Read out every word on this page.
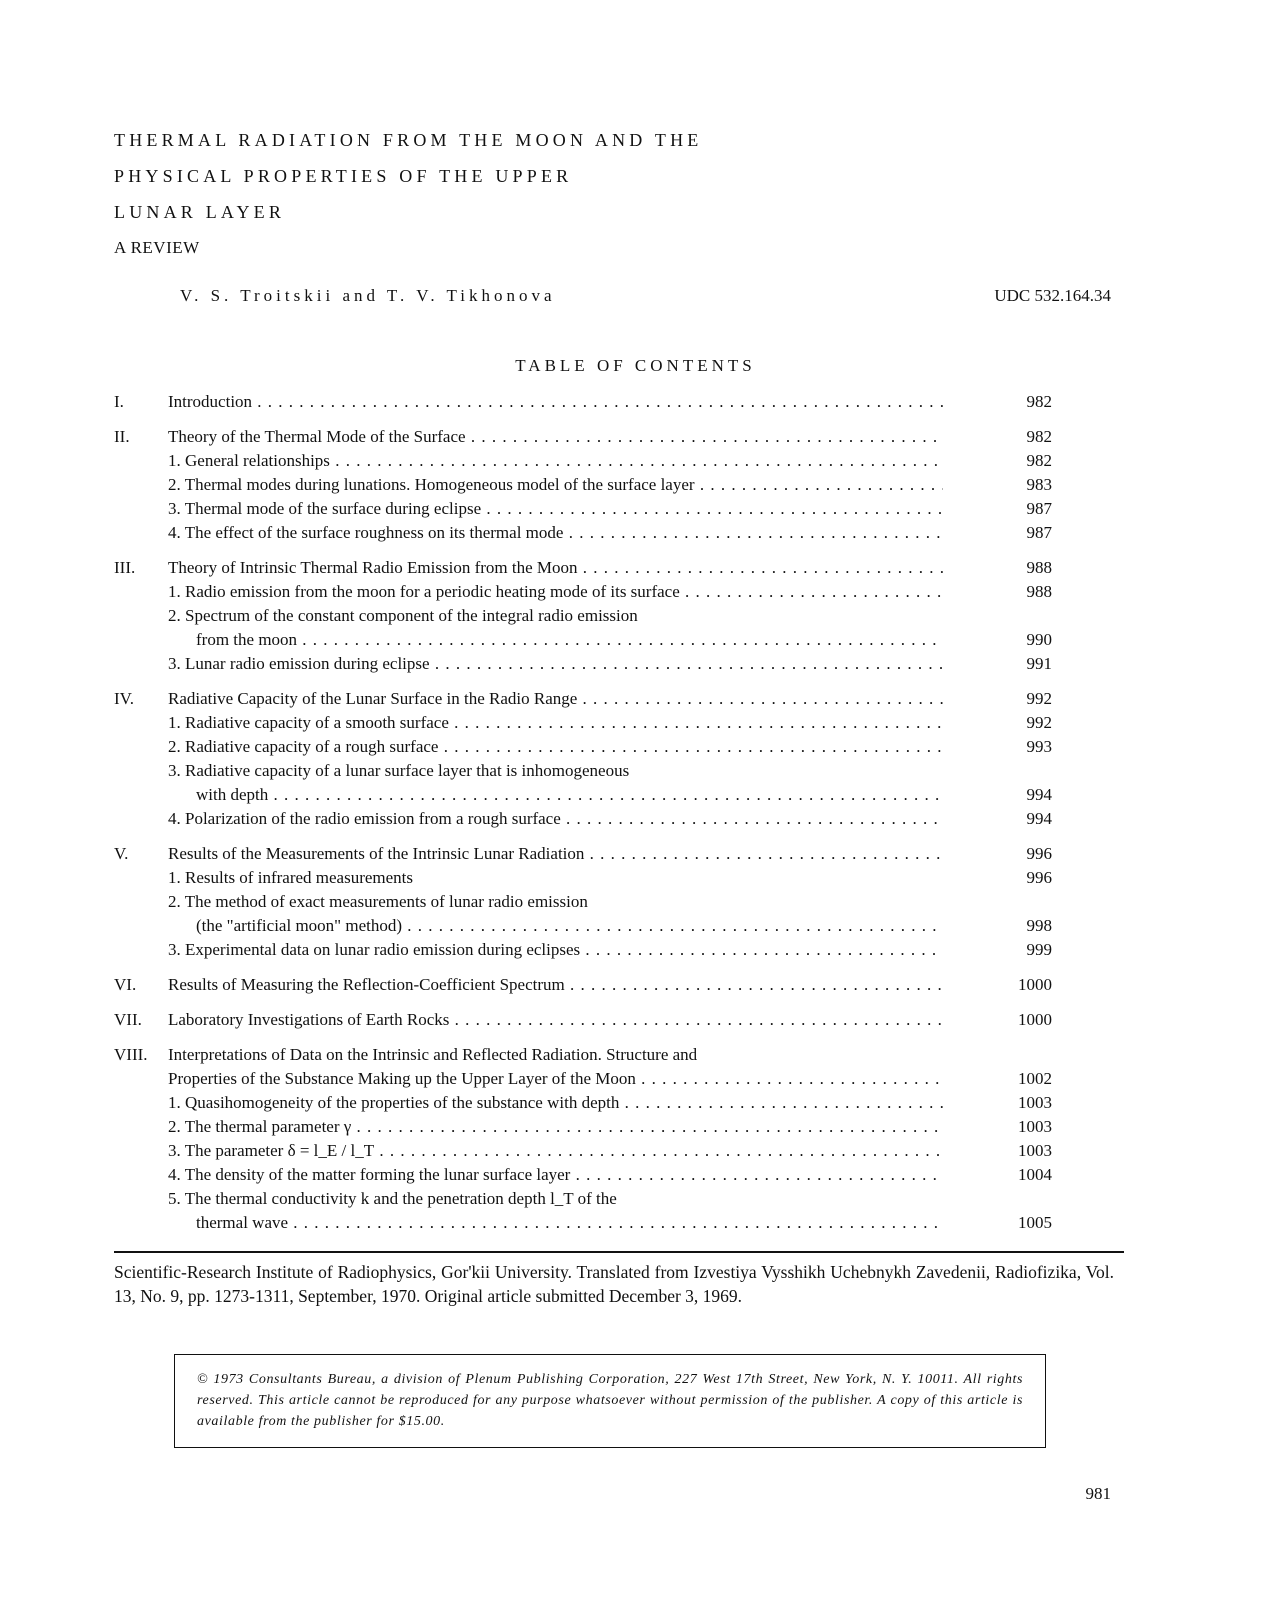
THERMAL RADIATION FROM THE MOON AND THE
PHYSICAL PROPERTIES OF THE UPPER
LUNAR LAYER
A REVIEW
V. S. Troitskii and T. V. Tikhonova	UDC 532.164.34
TABLE OF CONTENTS
I.	Introduction . . .	982
II. Theory of the Thermal Mode of the Surface . . .	982
1. General relationships . . .	982
2. Thermal modes during lunations. Homogeneous model of the surface layer . . .	983
3. Thermal mode of the surface during eclipse . . .	987
4. The effect of the surface roughness on its thermal mode . . .	987
III. Theory of Intrinsic Thermal Radio Emission from the Moon . . .	988
1. Radio emission from the moon for a periodic heating mode of its surface . . .	988
2. Spectrum of the constant component of the integral radio emission
from the moon . . .	990
3. Lunar radio emission during eclipse . . .	991
IV. Radiative Capacity of the Lunar Surface in the Radio Range . . .	992
1. Radiative capacity of a smooth surface . . .	992
2. Radiative capacity of a rough surface . . .	993
3. Radiative capacity of a lunar surface layer that is inhomogeneous
with depth . . .	994
4. Polarization of the radio emission from a rough surface . . .	994
V. Results of the Measurements of the Intrinsic Lunar Radiation . . .	996
1. Results of infrared measurements	996
2. The method of exact measurements of lunar radio emission
(the "artificial moon" method) . . .	998
3. Experimental data on lunar radio emission during eclipses . . .	999
VI. Results of Measuring the Reflection-Coefficient Spectrum . . .	1000
VII. Laboratory Investigations of Earth Rocks . . .	1000
VIII. Interpretations of Data on the Intrinsic and Reflected Radiation. Structure and
Properties of the Substance Making up the Upper Layer of the Moon . . .	1002
1. Quasihomogeneity of the properties of the substance with depth . . .	1003
2. The thermal parameter γ . . .	1003
3. The parameter δ = l_E / l_T . . .	1003
4. The density of the matter forming the lunar surface layer . . .	1004
5. The thermal conductivity k and the penetration depth l_T of the
thermal wave . . .	1005
Scientific-Research Institute of Radiophysics, Gor'kii University. Translated from Izvestiya Vysshikh Uchebnykh Zavedenii, Radiofizika, Vol. 13, No. 9, pp. 1273-1311, September, 1970. Original article submitted December 3, 1969.

© 1973 Consultants Bureau, a division of Plenum Publishing Corporation, 227 West 17th Street, New York, N. Y. 10011. All rights reserved. This article cannot be reproduced for any purpose whatsoever without permission of the publisher. A copy of this article is available from the publisher for $15.00.

981
